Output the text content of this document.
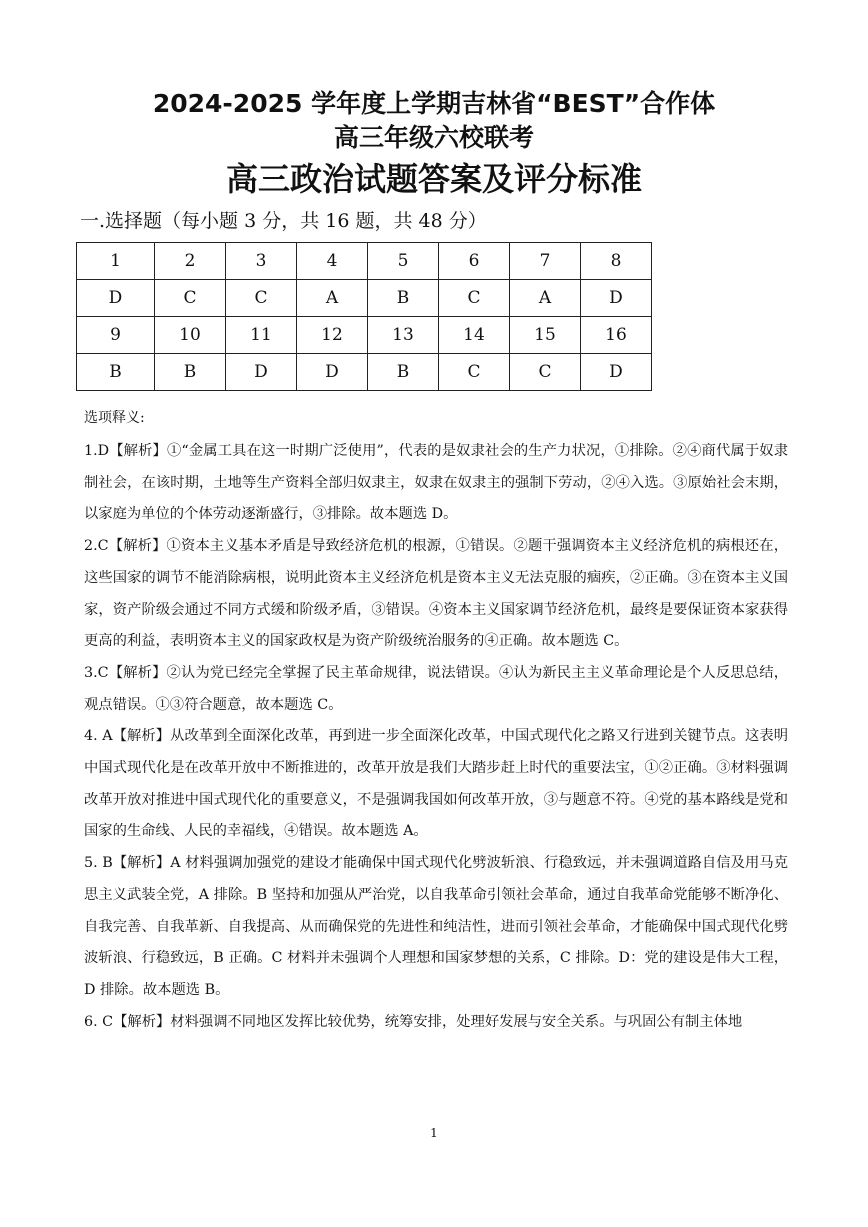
2024-2025 学年度上学期吉林省“BEST”合作体
高三年级六校联考
高三政治试题答案及评分标准
一.选择题（每小题 3 分，共 16 题，共 48 分）
1	2	3	4	5	6	7	8
D	C	C	A	B	C	A	D
9	10	11	12	13	14	15	16
B	B	D	D	B	C	C	D
选项释义:

1.D【解析】①“金属工具在这一时期广泛使用”，代表的是奴隶社会的生产力状况，①排除。②④商代属于奴隶制社会，在该时期，土地等生产资料全部归奴隶主，奴隶在奴隶主的强制下劳动，②④入选。③原始社会末期，以家庭为单位的个体劳动逐渐盛行，③排除。故本题选 D。

2.C【解析】①资本主义基本矛盾是导致经济危机的根源，①错误。②题干强调资本主义经济危机的病根还在，这些国家的调节不能消除病根，说明此资本主义经济危机是资本主义无法克服的痼疾，②正确。③在资本主义国家，资产阶级会通过不同方式缓和阶级矛盾，③错误。④资本主义国家调节经济危机，最终是要保证资本家获得更高的利益，表明资本主义的国家政权是为资产阶级统治服务的④正确。故本题选 C。

3.C【解析】②认为党已经完全掌握了民主革命规律，说法错误。④认为新民主主义革命理论是个人反思总结，观点错误。①③符合题意，故本题选 C。

4. A【解析】从改革到全面深化改革，再到进一步全面深化改革，中国式现代化之路又行进到关键节点。这表明中国式现代化是在改革开放中不断推进的，改革开放是我们大踏步赶上时代的重要法宝，①②正确。③材料强调改革开放对推进中国式现代化的重要意义，不是强调我国如何改革开放，③与题意不符。④党的基本路线是党和国家的生命线、人民的幸福线，④错误。故本题选 A。

5. B【解析】A 材料强调加强党的建设才能确保中国式现代化劈波斩浪、行稳致远，并未强调道路自信及用马克思主义武装全党，A 排除。B 坚持和加强从严治党，以自我革命引领社会革命，通过自我革命党能够不断净化、自我完善、自我革新、自我提高、从而确保党的先进性和纯洁性，进而引领社会革命，才能确保中国式现代化劈波斩浪、行稳致远，B 正确。C 材料并未强调个人理想和国家梦想的关系，C 排除。D：党的建设是伟大工程，D 排除。故本题选 B。

6. C【解析】材料强调不同地区发挥比较优势，统筹安排，处理好发展与安全关系。与巩固公有制主体地

1
